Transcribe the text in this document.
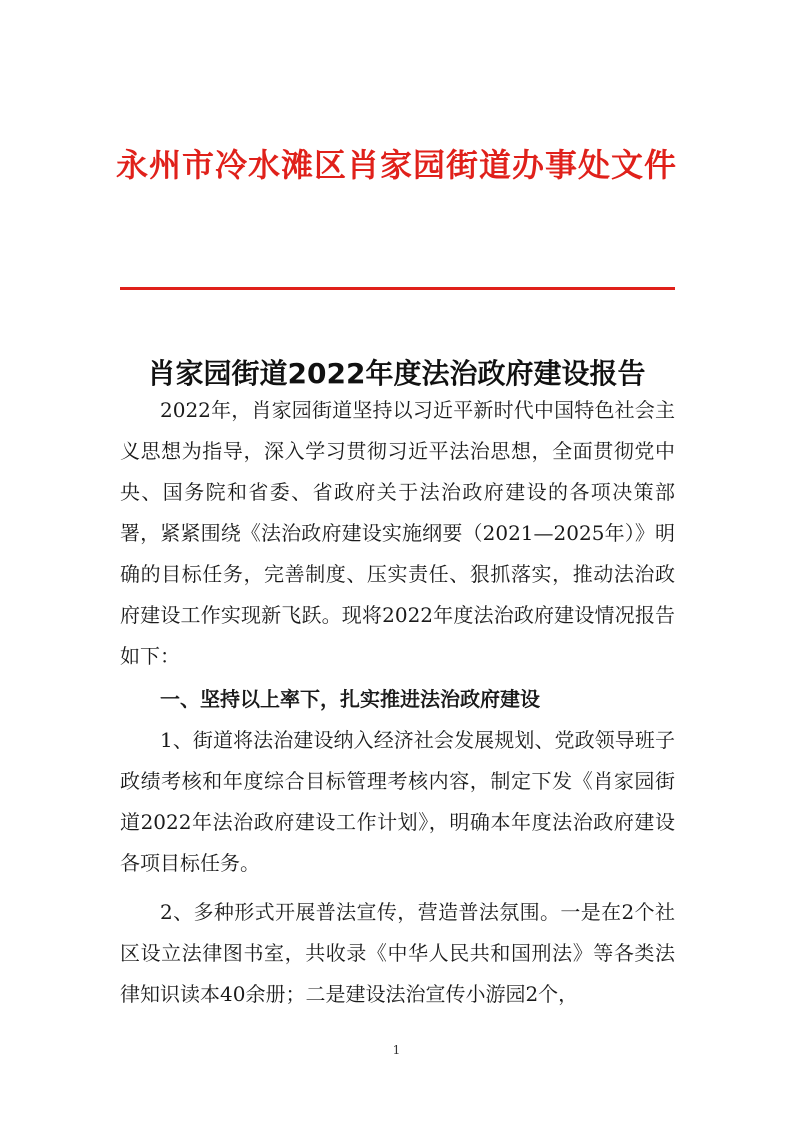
永州市冷水滩区肖家园街道办事处文件
肖家园街道2022年度法治政府建设报告

2022年，肖家园街道坚持以习近平新时代中国特色社会主义思想为指导，深入学习贯彻习近平法治思想，全面贯彻党中央、国务院和省委、省政府关于法治政府建设的各项决策部署，紧紧围绕《法治政府建设实施纲要（2021—2025年）》明确的目标任务，完善制度、压实责任、狠抓落实，推动法治政府建设工作实现新飞跃。现将2022年度法治政府建设情况报告如下：

一、坚持以上率下，扎实推进法治政府建设

1、街道将法治建设纳入经济社会发展规划、党政领导班子政绩考核和年度综合目标管理考核内容，制定下发《肖家园街道2022年法治政府建设工作计划》，明确本年度法治政府建设各项目标任务。

2、多种形式开展普法宣传，营造普法氛围。一是在2个社区设立法律图书室，共收录《中华人民共和国刑法》等各类法律知识读本40余册；二是建设法治宣传小游园2个，

1
